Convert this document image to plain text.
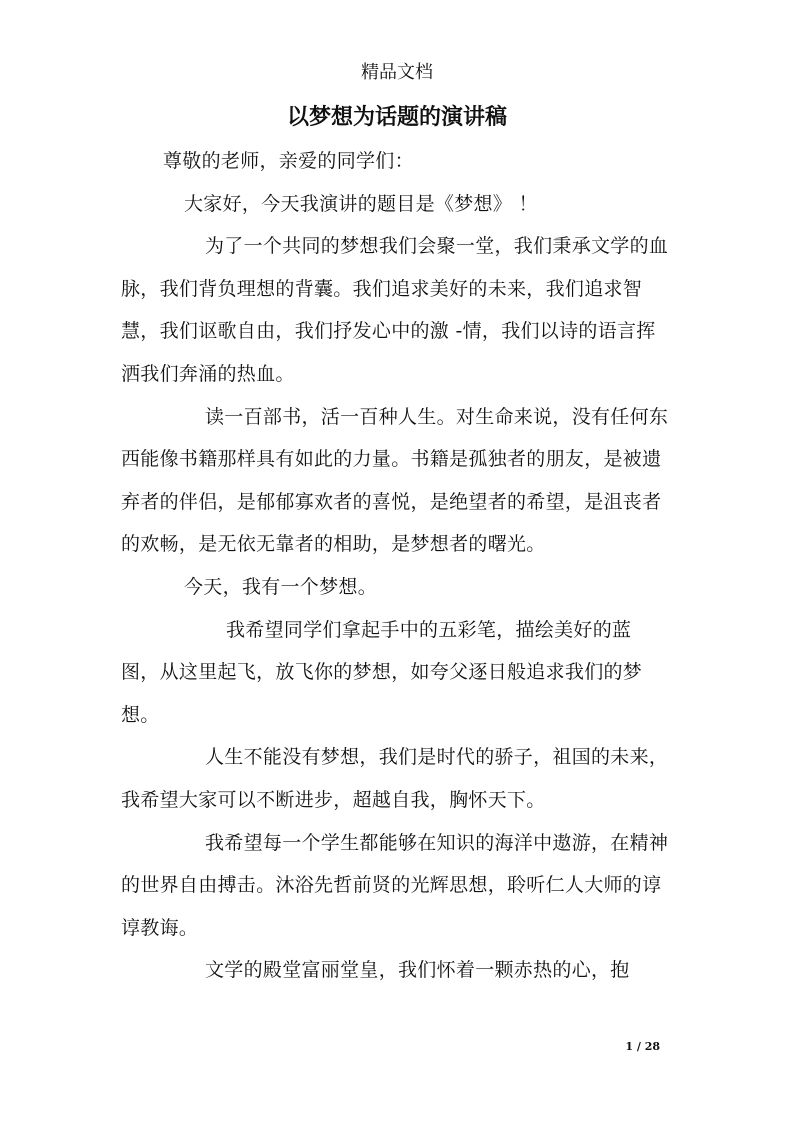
精品文档
以梦想为话题的演讲稿

尊敬的老师，亲爱的同学们：

大家好，今天我演讲的题目是《梦想》 ！

为了一个共同的梦想我们会聚一堂，我们秉承文学的血脉，我们背负理想的背囊。我们追求美好的未来，我们追求智慧，我们讴歌自由，我们抒发心中的激 -情，我们以诗的语言挥洒我们奔涌的热血。

读一百部书，活一百种人生。对生命来说，没有任何东西能像书籍那样具有如此的力量。书籍是孤独者的朋友，是被遗弃者的伴侣，是郁郁寡欢者的喜悦，是绝望者的希望，是沮丧者的欢畅，是无依无靠者的相助，是梦想者的曙光。

今天，我有一个梦想。

我希望同学们拿起手中的五彩笔，描绘美好的蓝图，从这里起飞，放飞你的梦想，如夸父逐日般追求我们的梦想。

人生不能没有梦想，我们是时代的骄子，祖国的未来，我希望大家可以不断进步，超越自我，胸怀天下。

我希望每一个学生都能够在知识的海洋中遨游，在精神的世界自由搏击。沐浴先哲前贤的光辉思想，聆听仁人大师的谆谆教诲。

文学的殿堂富丽堂皇，我们怀着一颗赤热的心，抱

1 / 28
